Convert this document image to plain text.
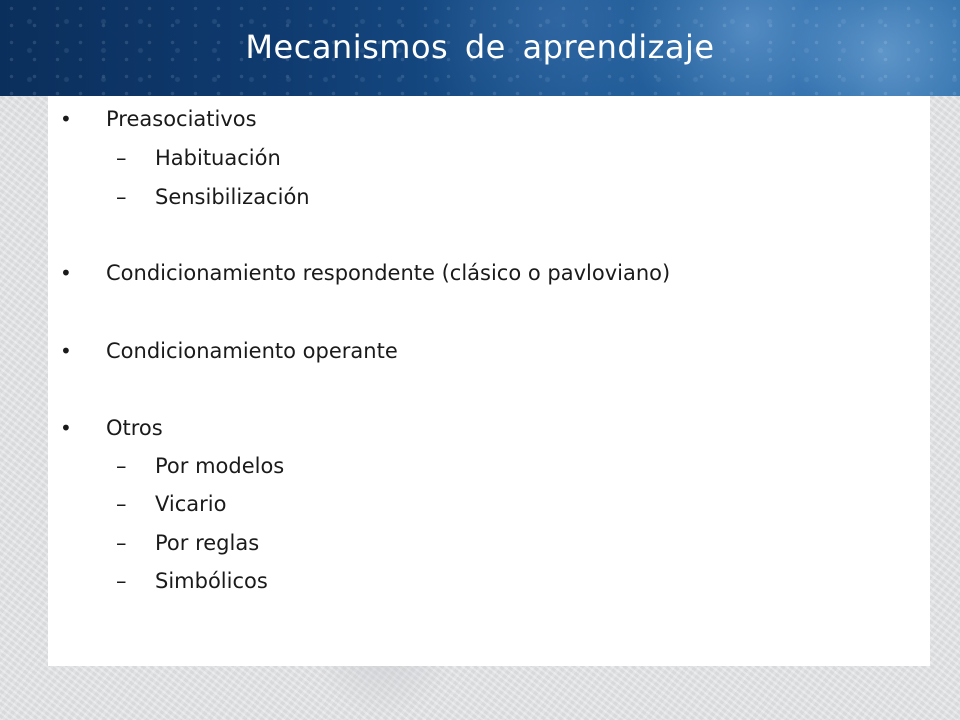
Mecanismos de aprendizaje
• Preasociativos
– Habituación
– Sensibilización
• Condicionamiento respondente (clásico o pavloviano)
• Condicionamiento operante
• Otros
– Por modelos
– Vicario
– Por reglas
– Simbólicos
